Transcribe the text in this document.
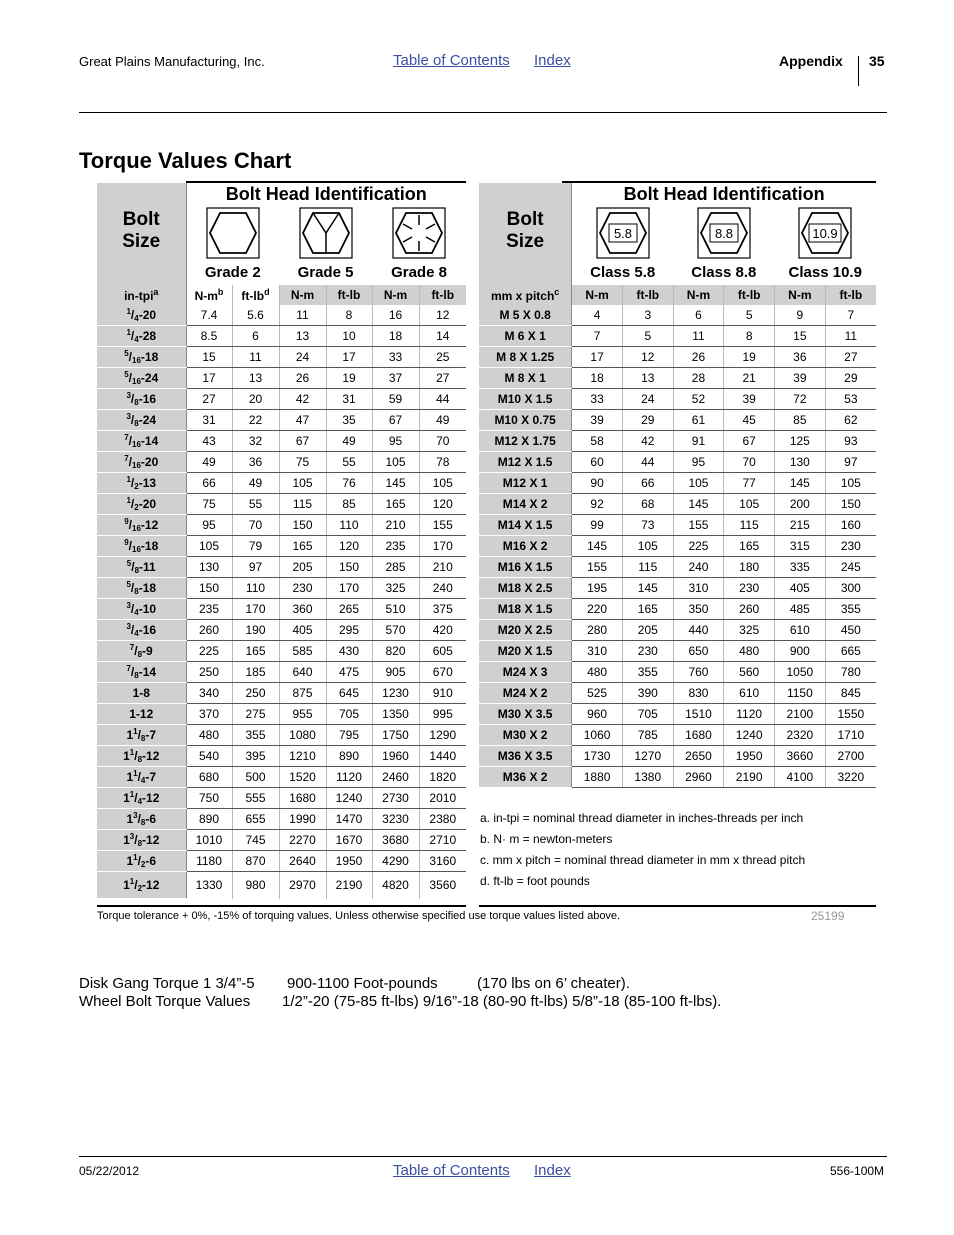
Great Plains Manufacturing, Inc.	Table of Contents Index	Appendix 35
Torque Values Chart
Bolt
Size	Bolt Head Identification					

	Grade 2		Grade 5		Grade 8	

in-tpi$^a$	$N-m^b$	$ft-lb^d$	N-m	ft-lb	N-m	ft-lb
$^1/_4-20$	7.4	5.6	11	8	16	12
$^1/_4-28$	8.5	6	13	10	18	14
$^5/_{16}-18$	15	11	24	17	33	25
$^5/_{16}-24$	17	13	26	19	37	27
$^3/_8-16$	27	20	42	31	59	44
$^3/_8-24$	31	22	47	35	67	49
$^7/_{16}-14$	43	32	67	49	95	70
$^7/_{16}-20$	49	36	75	55	105	78
$^1/_2-13$	66	49	105	76	145	105
$^1/_2-20$	75	55	115	85	165	120
$^9/_{16}-12$	95	70	150	110	210	155
$^9/_{16}-18$	105	79	165	120	235	170
$^5/_8-11$	130	97	205	150	285	210
$^5/_8-18$	150	110	230	170	325	240
$^3/_4-10$	235	170	360	265	510	375
$^3/_4-16$	260	190	405	295	570	420
$^7/_8-9$	225	165	585	430	820	605
$^7/_8-14$	250	185	640	475	905	670
1-8	340	250	875	645	1230	910
1-12	370	275	955	705	1350	995
$1^1/_8-7$	480	355	1080	795	1750	1290
$1^1/_8-12$	540	395	1210	890	1960	1440
$1^1/_4-7$	680	500	1520	1120	2460	1820
$1^1/_4-12$	750	555	1680	1240	2730	2010
$1^3/_8-6$	890	655	1990	1470	3230	2380
$1^3/_8-12$	1010	745	2270	1670	3680	2710
$1^1/_2-6$	1180	870	2640	1950	4290	3160
$1^1/_2-12$	1330	980	2970	2190	4820	3560
Bolt
Size	Bolt Head Identification					

5.8
Class 5.8		8.8
Class 8.8		10.9
Class 10.9	

mm x pitch$^c$	N-m	ft-lb	N-m	ft-lb	N-m	ft-lb
M 5 X 0.8	4	3	6	5	9	7
M 6 X 1	7	5	11	8	15	11
M 8 X 1.25	17	12	26	19	36	27
M 8 X 1	18	13	28	21	39	29
M10 X 1.5	33	24	52	39	72	53
M10 X 0.75	39	29	61	45	85	62
M12 X 1.75	58	42	91	67	125	93
M12 X 1.5	60	44	95	70	130	97
M12 X 1	90	66	105	77	145	105
M14 X 2	92	68	145	105	200	150
M14 X 1.5	99	73	155	115	215	160
M16 X 2	145	105	225	165	315	230
M16 X 1.5	155	115	240	180	335	245
M18 X 2.5	195	145	310	230	405	300
M18 X 1.5	220	165	350	260	485	355
M20 X 2.5	280	205	440	325	610	450
M20 X 1.5	310	230	650	480	900	665
M24 X 3	480	355	760	560	1050	780
M24 X 2	525	390	830	610	1150	845
M30 X 3.5	960	705	1510	1120	2100	1550
M30 X 2	1060	785	1680	1240	2320	1710
M36 X 3.5	1730	1270	2650	1950	3660	2700
M36 X 2	1880	1380	2960	2190	4100	3220
a. in-tpi = nominal thread diameter in inches-threads per inch
b. N· m = newton-meters
c. mm x pitch = nominal thread diameter in mm x thread pitch
d. ft-lb = foot pounds
Torque tolerance + 0%, -15% of torquing values. Unless otherwise specified use torque values listed above.	25199
Disk Gang Torque 1 3/4”-5 900-1100 Foot-pounds	(170 lbs on 6’ cheater).
Wheel Bolt Torque Values 1/2”-20 (75-85 ft-lbs) 9/16”-18 (80-90 ft-lbs) 5/8”-18 (85-100 ft-lbs).
05/22/2012	Table of Contents Index	556-100M
